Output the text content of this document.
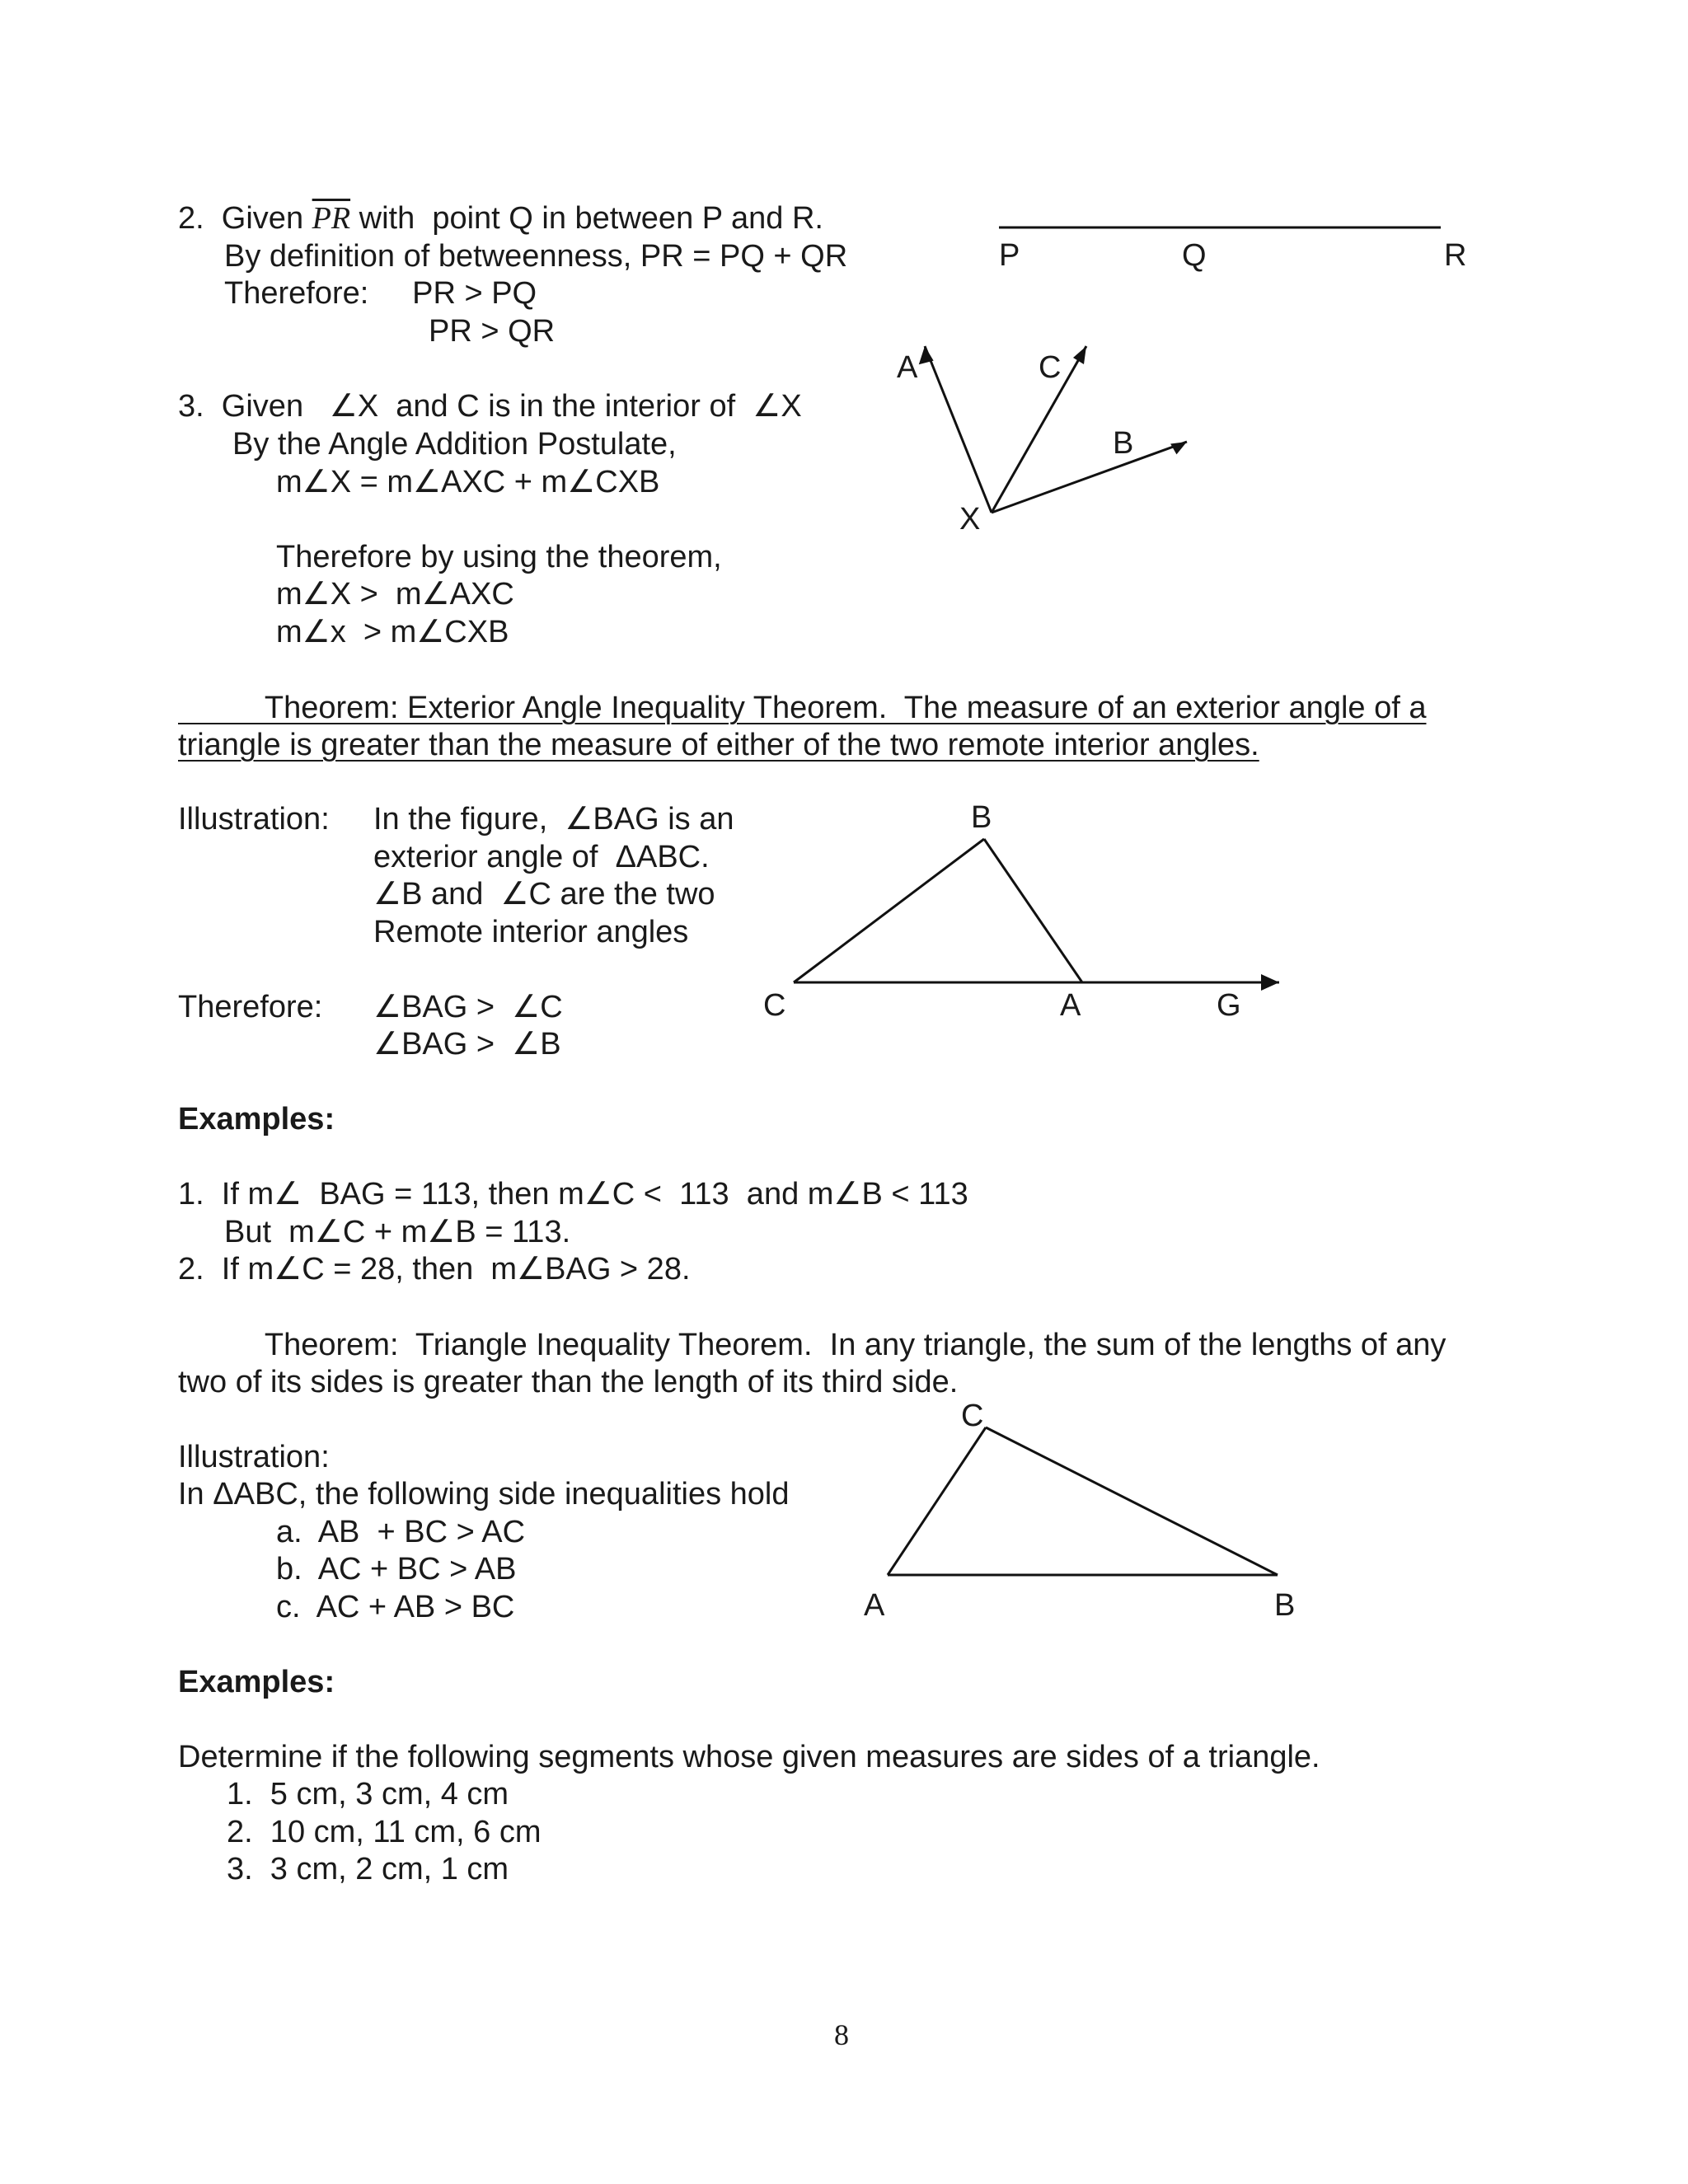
2.  Given $\overline{PR}$ with  point Q in between P and R.
By definition of betweenness, PR = PQ + QR
Therefore:     PR > PQ
PR > QR
3.  Given   ∠X  and C is in the interior of  ∠X
By the Angle Addition Postulate,
m∠X = m∠AXC + m∠CXB
Therefore by using the theorem,
m∠X >  m∠AXC
m∠x  > m∠CXB
Theorem: Exterior Angle Inequality Theorem.  The measure of an exterior angle of a
triangle is greater than the measure of either of the two remote interior angles.
Illustration: In the figure,  ∠BAG is an
exterior angle of  ΔABC.
∠B and  ∠C are the two
Remote interior angles
Therefore: ∠BAG >  ∠C
∠BAG >  ∠B
Examples:
1.  If m∠  BAG = 113, then m∠C <  113  and m∠B < 113
But  m∠C + m∠B = 113.
2.  If m∠C = 28, then  m∠BAG > 28.
Theorem:  Triangle Inequality Theorem.  In any triangle, the sum of the lengths of any
two of its sides is greater than the length of its third side.
Illustration:
In ΔABC, the following side inequalities hold
a.  AB  + BC > AC
b.  AC + BC > AB
c.  AC + AB > BC
Examples:
Determine if the following segments whose given measures are sides of a triangle.
1.  5 cm, 3 cm, 4 cm
2.  10 cm, 11 cm, 6 cm
3.  3 cm, 2 cm, 1 cm
P	Q	R
A	C
B
X
B
C	A	G
C
A	B
8
